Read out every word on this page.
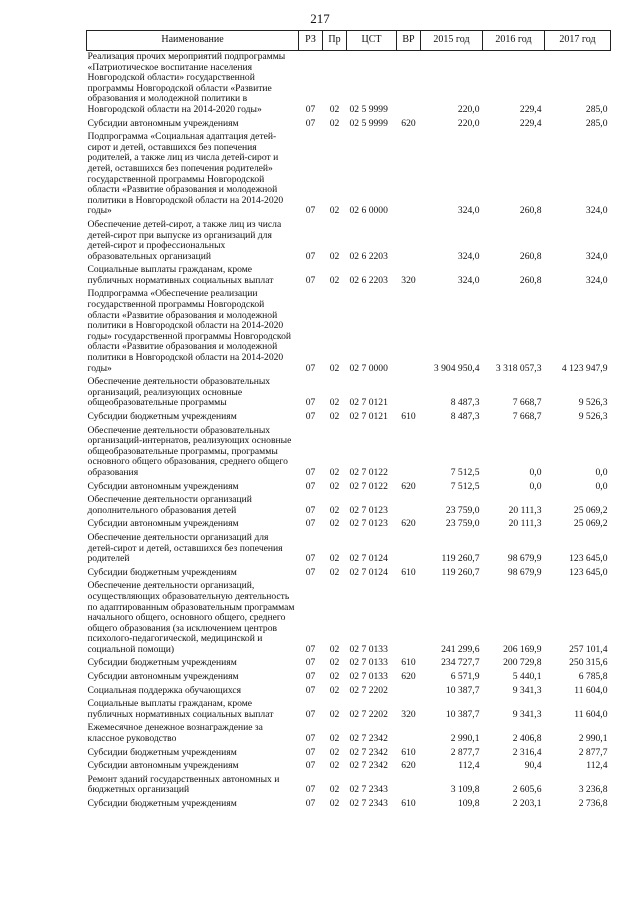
217
Наименование	РЗ	Пр	ЦСТ	ВР	2015 год	2016 год	2017 год

Реализация прочих мероприятий подпрограммы «Патриотическое воспитание населения Новгородской области» государственной программы Новгородской области «Развитие образования и молодежной политики в Новгородской области на 2014-2020 годы»	07	02	02 5 9999		220,0	229,4	285,0

Субсидии автономным учреждениям	07	02	02 5 9999	620	220,0	229,4	285,0

Подпрограмма «Социальная адаптация детей-сирот и детей, оставшихся без попечения родителей, а также лиц из числа детей-сирот и детей, оставшихся без попечения родителей» государственной программы Новгородской области «Развитие образования и молодежной политики в Новгородской области на 2014-2020 годы»	07	02	02 6 0000		324,0	260,8	324,0

Обеспечение детей-сирот, а также лиц из числа детей-сирот при выпуске из организаций для детей-сирот и профессиональных образовательных организаций	07	02	02 6 2203		324,0	260,8	324,0

Социальные выплаты гражданам, кроме публичных нормативных социальных выплат	07	02	02 6 2203	320	324,0	260,8	324,0

Подпрограмма «Обеспечение реализации государственной программы Новгородской области «Развитие образования и молодежной политики в Новгородской области на 2014-2020 годы» государственной программы Новгородской области «Развитие образования и молодежной политики в Новгородской области на 2014-2020 годы»	07	02	02 7 0000		3 904 950,4	3 318 057,3	4 123 947,9

Обеспечение деятельности образовательных организаций, реализующих основные общеобразовательные программы	07	02	02 7 0121		8 487,3	7 668,7	9 526,3

Субсидии бюджетным учреждениям	07	02	02 7 0121	610	8 487,3	7 668,7	9 526,3

Обеспечение деятельности образовательных организаций-интернатов, реализующих основные общеобразовательные программы, программы основного общего образования, среднего общего образования	07	02	02 7 0122		7 512,5	0,0	0,0

Субсидии автономным учреждениям	07	02	02 7 0122	620	7 512,5	0,0	0,0

Обеспечение деятельности организаций дополнительного образования детей	07	02	02 7 0123		23 759,0	20 111,3	25 069,2

Субсидии автономным учреждениям	07	02	02 7 0123	620	23 759,0	20 111,3	25 069,2

Обеспечение деятельности организаций для детей-сирот и детей, оставшихся без попечения родителей	07	02	02 7 0124		119 260,7	98 679,9	123 645,0

Субсидии бюджетным учреждениям	07	02	02 7 0124	610	119 260,7	98 679,9	123 645,0

Обеспечение деятельности организаций, осуществляющих образовательную деятельность по адаптированным образовательным программам начального общего, основного общего, среднего общего образования (за исключением центров психолого-педагогической, медицинской и социальной помощи)	07	02	02 7 0133		241 299,6	206 169,9	257 101,4

Субсидии бюджетным учреждениям	07	02	02 7 0133	610	234 727,7	200 729,8	250 315,6

Субсидии автономным учреждениям	07	02	02 7 0133	620	6 571,9	5 440,1	6 785,8

Социальная поддержка обучающихся	07	02	02 7 2202		10 387,7	9 341,3	11 604,0

Социальные выплаты гражданам, кроме публичных нормативных социальных выплат	07	02	02 7 2202	320	10 387,7	9 341,3	11 604,0

Ежемесячное денежное вознаграждение за классное руководство	07	02	02 7 2342		2 990,1	2 406,8	2 990,1

Субсидии бюджетным учреждениям	07	02	02 7 2342	610	2 877,7	2 316,4	2 877,7

Субсидии автономным учреждениям	07	02	02 7 2342	620	112,4	90,4	112,4

Ремонт зданий государственных автономных и бюджетных организаций	07	02	02 7 2343		3 109,8	2 605,6	3 236,8

Субсидии бюджетным учреждениям	07	02	02 7 2343	610	109,8	2 203,1	2 736,8
